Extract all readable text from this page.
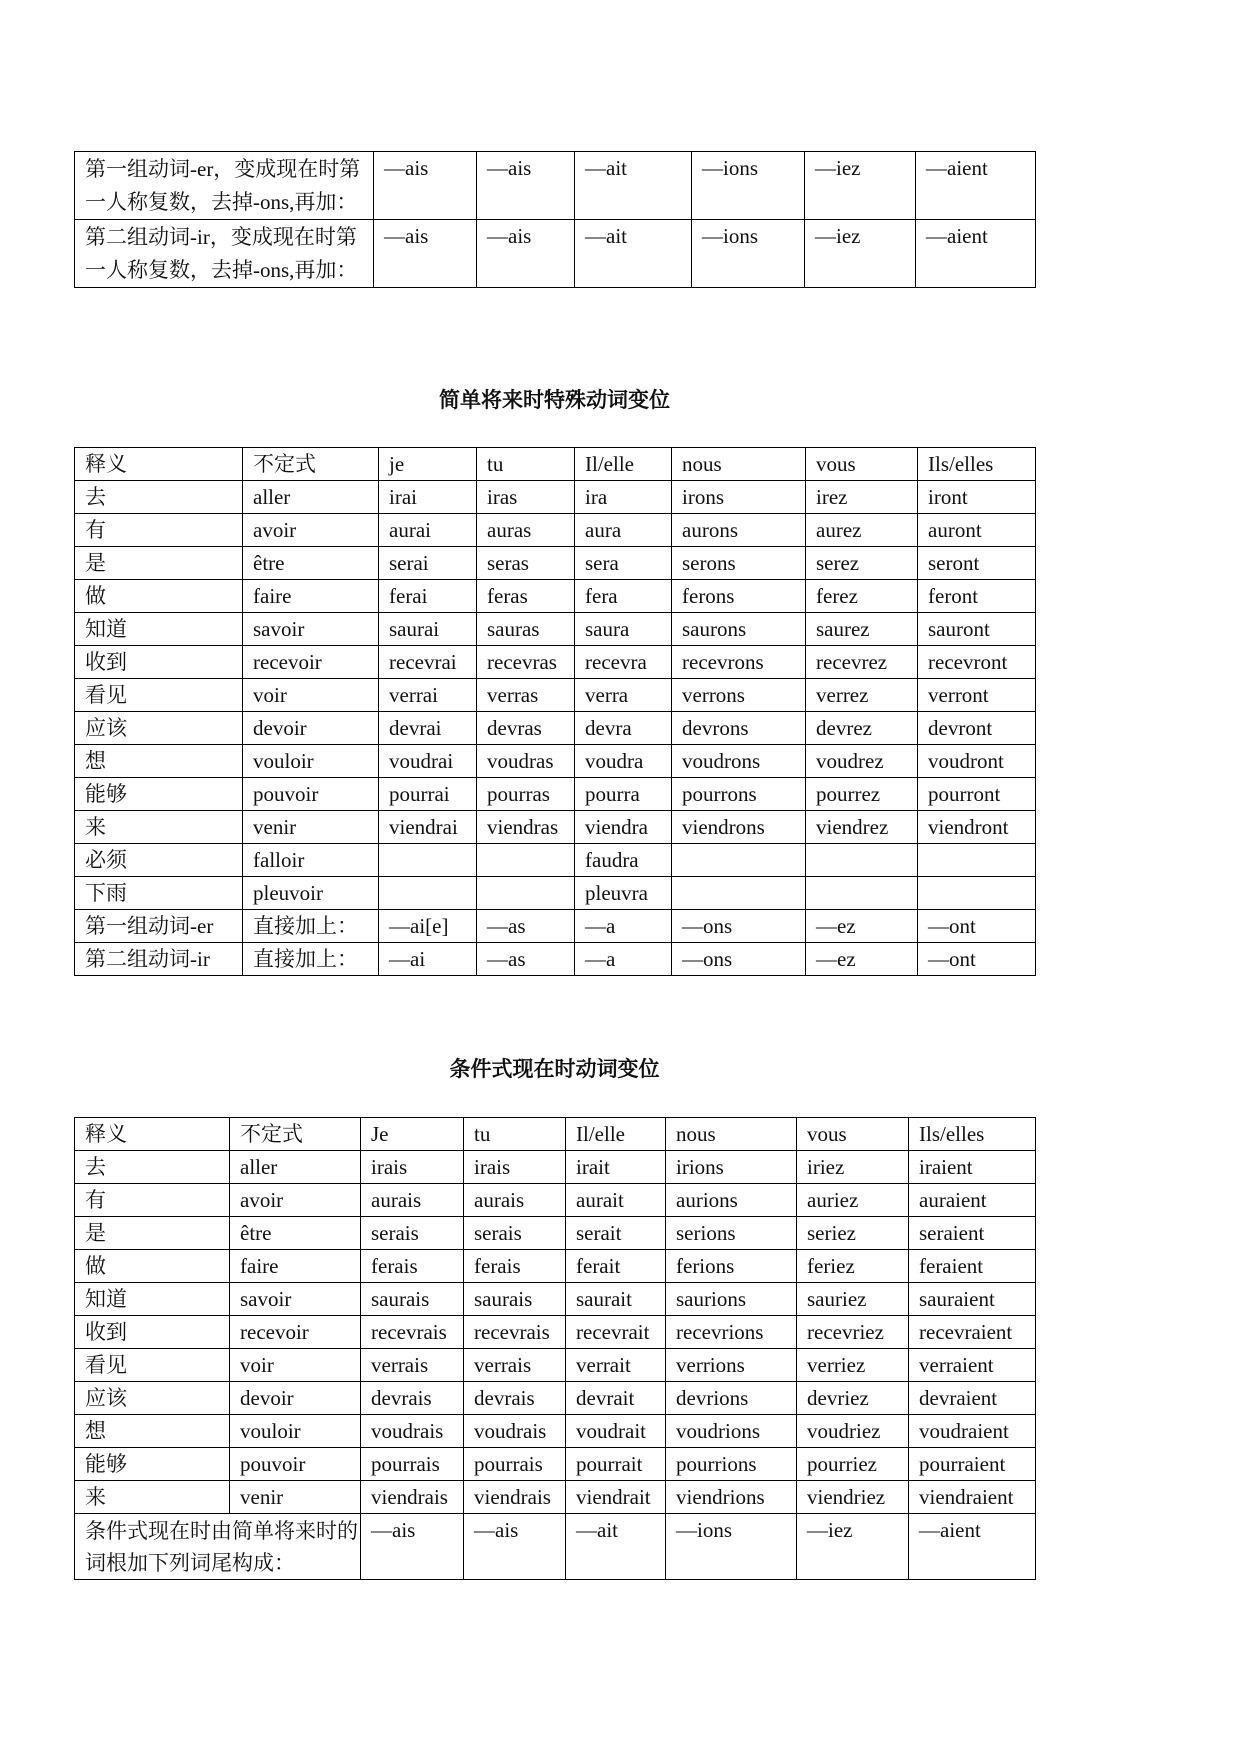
第一组动词-er，变成现在时第一人称复数，去掉-ons,再加：	—ais	—ais	—ait	—ions	—iez	—aient
第二组动词-ir，变成现在时第一人称复数，去掉-ons,再加：	—ais	—ais	—ait	—ions	—iez	—aient
简单将来时特殊动词变位
释义	不定式	je	tu	Il/elle	nous	vous	Ils/elles
去	aller	irai	iras	ira	irons	irez	iront
有	avoir	aurai	auras	aura	aurons	aurez	auront
是	être	serai	seras	sera	serons	serez	seront
做	faire	ferai	feras	fera	ferons	ferez	feront
知道	savoir	saurai	sauras	saura	saurons	saurez	sauront
收到	recevoir	recevrai	recevras	recevra	recevrons	recevrez	recevront
看见	voir	verrai	verras	verra	verrons	verrez	verront
应该	devoir	devrai	devras	devra	devrons	devrez	devront
想	vouloir	voudrai	voudras	voudra	voudrons	voudrez	voudront
能够	pouvoir	pourrai	pourras	pourra	pourrons	pourrez	pourront
来	venir	viendrai	viendras	viendra	viendrons	viendrez	viendront
必须	falloir			faudra			
下雨	pleuvoir			pleuvra			
第一组动词-er	直接加上：	—ai[e]	—as	—a	—ons	—ez	—ont
第二组动词-ir	直接加上：	—ai	—as	—a	—ons	—ez	—ont
条件式现在时动词变位
释义	不定式	Je	tu	Il/elle	nous	vous	Ils/elles
去	aller	irais	irais	irait	irions	iriez	iraient
有	avoir	aurais	aurais	aurait	aurions	auriez	auraient
是	être	serais	serais	serait	serions	seriez	seraient
做	faire	ferais	ferais	ferait	ferions	feriez	feraient
知道	savoir	saurais	saurais	saurait	saurions	sauriez	sauraient
收到	recevoir	recevrais	recevrais	recevrait	recevrions	recevriez	recevraient
看见	voir	verrais	verrais	verrait	verrions	verriez	verraient
应该	devoir	devrais	devrais	devrait	devrions	devriez	devraient
想	vouloir	voudrais	voudrais	voudrait	voudrions	voudriez	voudraient
能够	pouvoir	pourrais	pourrais	pourrait	pourrions	pourriez	pourraient
来	venir	viendrais	viendrais	viendrait	viendrions	viendriez	viendraient
条件式现在时由简单将来时的词根加下列词尾构成：		—ais	—ais	—ait	—ions	—iez	—aient
